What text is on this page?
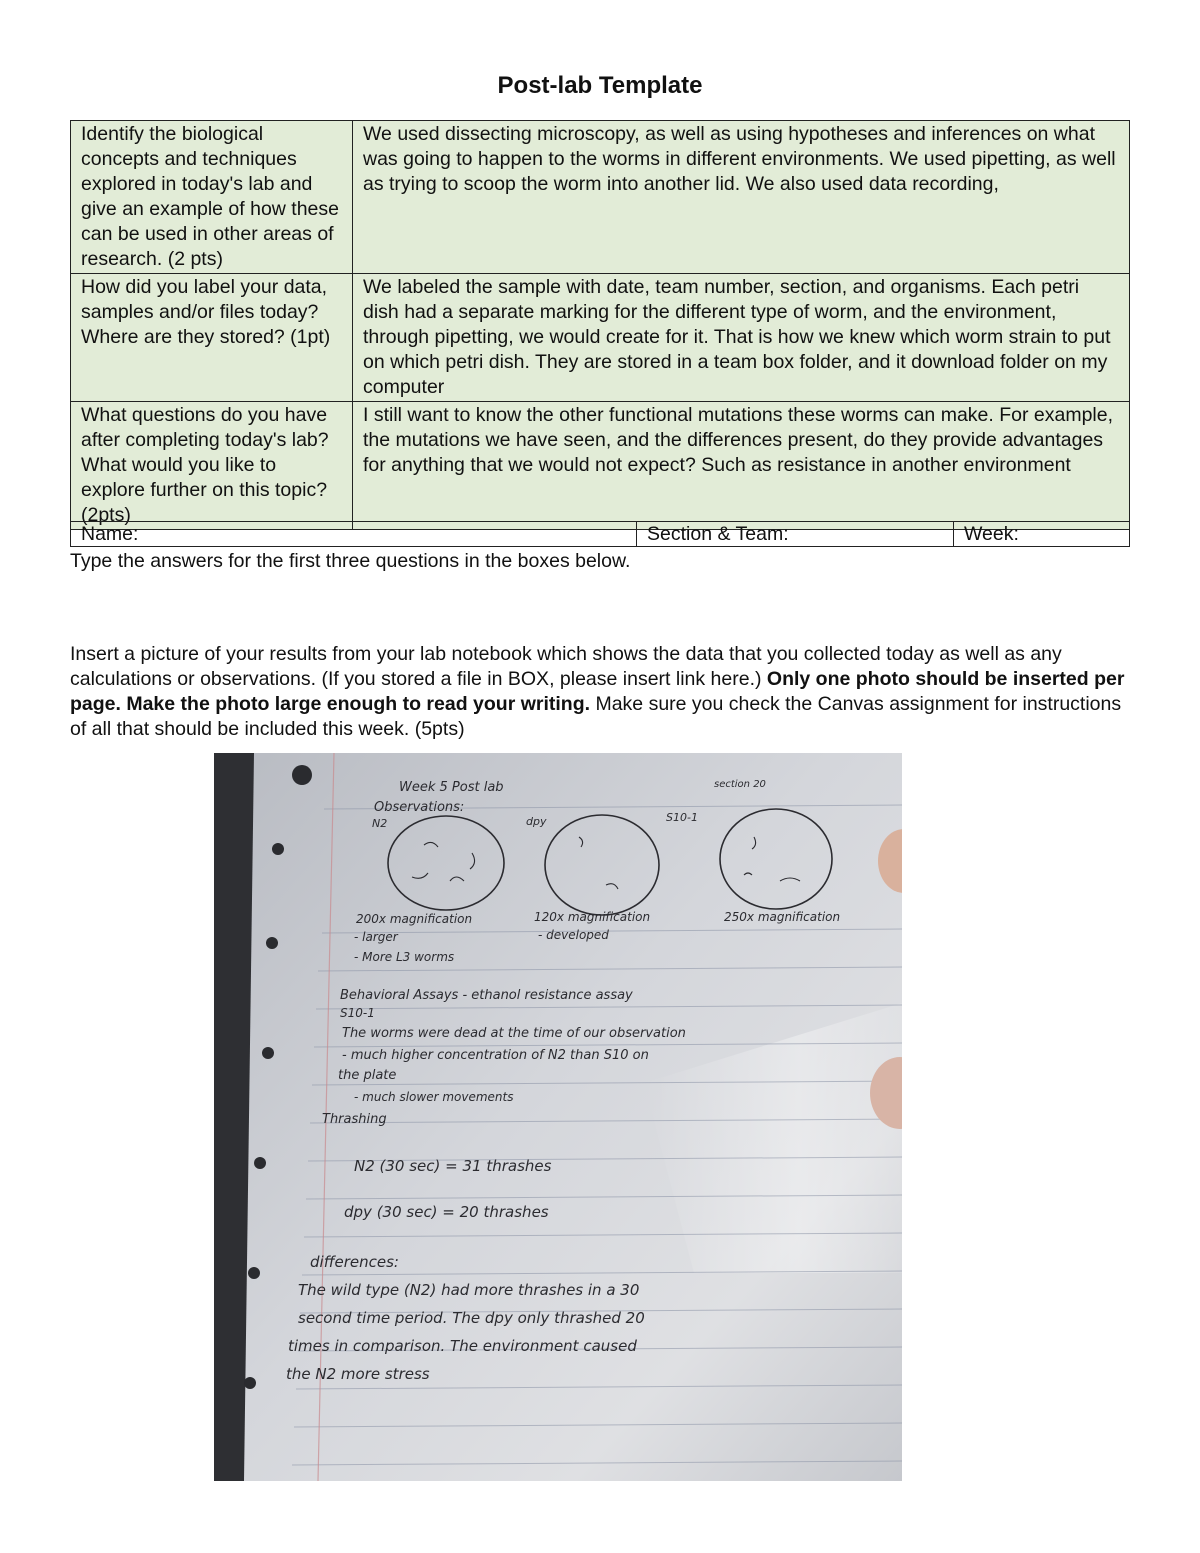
Post-lab Template
Identify the biological concepts and techniques explored in today's lab and give an example of how these can be used in other areas of research. (2 pts)	We used dissecting microscopy, as well as using hypotheses and inferences on what was going to happen to the worms in different environments. We used pipetting, as well as trying to scoop the worm into another lid. We also used data recording,
How did you label your data, samples and/or files today? Where are they stored? (1pt)	We labeled the sample with date, team number, section, and organisms. Each petri dish had a separate marking for the different type of worm, and the environment, through pipetting, we would create for it. That is how we knew which worm strain to put on which petri dish. They are stored in a team box folder, and it download folder on my computer
What questions do you have after completing today's lab? What would you like to explore further on this topic? (2pts)	I still want to know the other functional mutations these worms can make. For example, the mutations we have seen, and the differences present, do they provide advantages for anything that we would not expect? Such as resistance in another environment
Name:	Section & Team:	Week:
Type the answers for the first three questions in the boxes below.
Insert a picture of your results from your lab notebook which shows the data that you collected today as well as any calculations or observations. (If you stored a file in BOX, please insert link here.) Only one photo should be inserted per page. Make the photo large enough to read your writing. Make sure you check the Canvas assignment for instructions of all that should be included this week. (5pts)
Week 5 Post lab
Observations:
section 20
N2	dpy	S10-1
200x magnification	120x magnification	250x magnification
- larger	- developed
- More L3 worms
Behavioral Assays - ethanol resistance assay
S10-1
The worms were dead at the time of our observation
- much higher concentration of N2 than S10 on
the plate
- much slower movements
Thrashing
N2 (30 sec) = 31 thrashes
dpy (30 sec) = 20 thrashes
differences:
The wild type (N2) had more thrashes in a 30
second time period. The dpy only thrashed 20
times in comparison. The environment caused
the N2 more stress
